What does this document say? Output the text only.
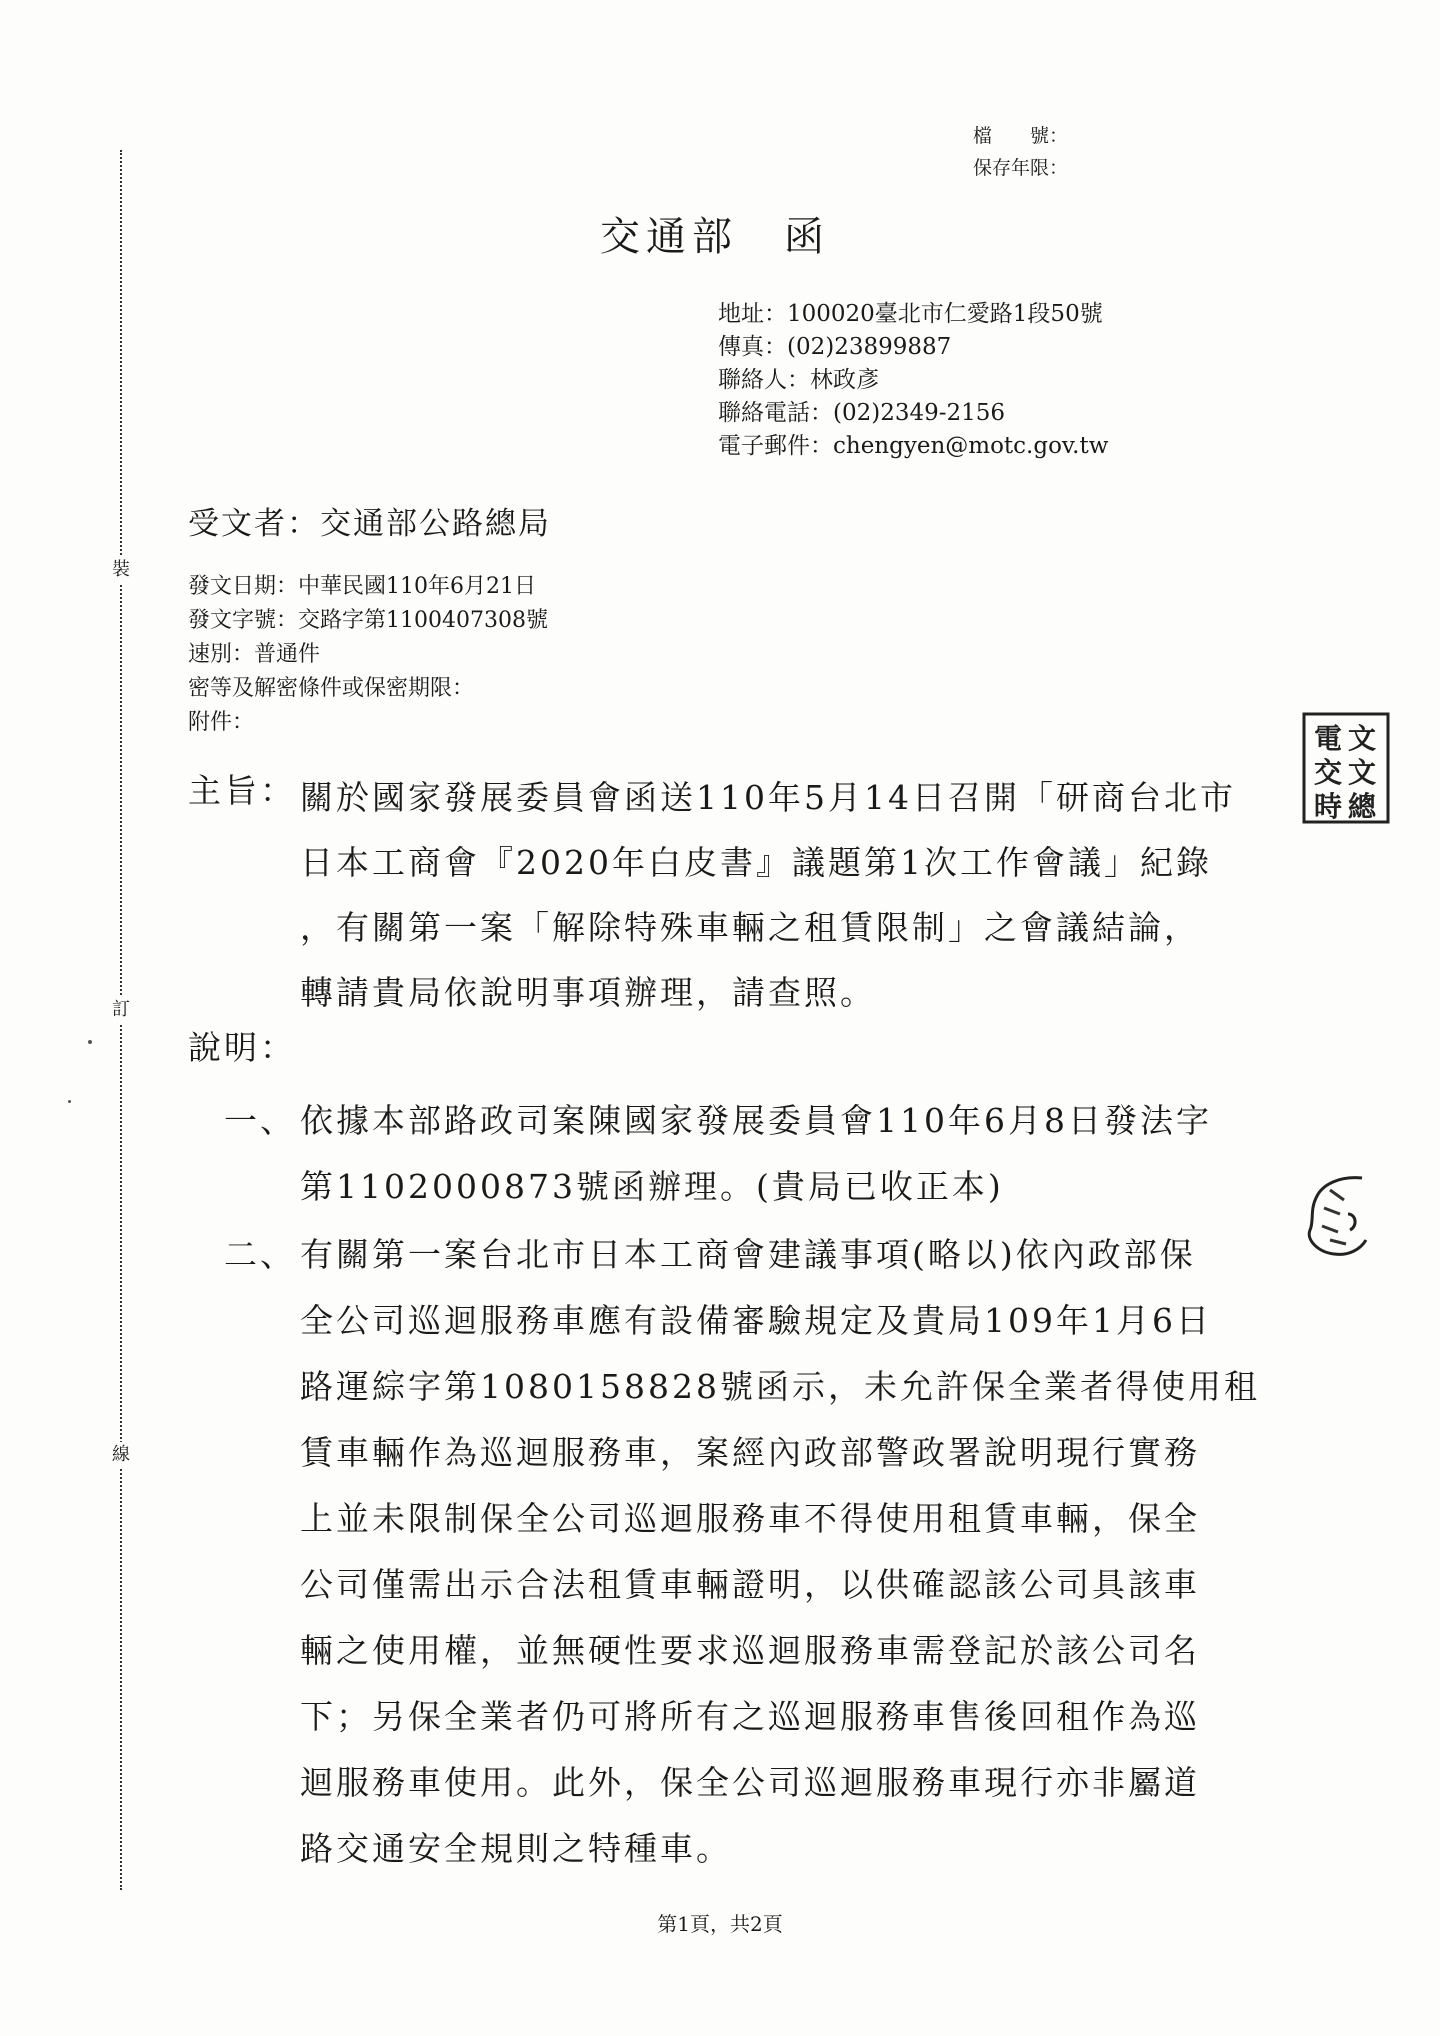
裝
訂
線
檔　　號：
保存年限：
交通部　函
地址：100020臺北市仁愛路1段50號
傳真：(02)23899887
聯絡人：林政彥
聯絡電話：(02)2349-2156
電子郵件：chengyen@motc.gov.tw
受文者：交通部公路總局
發文日期：中華民國110年6月21日
發文字號：交路字第1100407308號
速別：普通件
密等及解密條件或保密期限：
附件：
主旨： 關於國家發展委員會函送110年5月14日召開「研商台北市
日本工商會『2020年白皮書』議題第1次工作會議」紀錄
，有關第一案「解除特殊車輛之租賃限制」之會議結論，
轉請貴局依說明事項辦理，請查照。
說明：
一、 依據本部路政司案陳國家發展委員會110年6月8日發法字
第1102000873號函辦理。(貴局已收正本)
二、 有關第一案台北市日本工商會建議事項(略以)依內政部保
全公司巡迴服務車應有設備審驗規定及貴局109年1月6日
路運綜字第1080158828號函示，未允許保全業者得使用租
賃車輛作為巡迴服務車，案經內政部警政署說明現行實務
上並未限制保全公司巡迴服務車不得使用租賃車輛，保全
公司僅需出示合法租賃車輛證明，以供確認該公司具該車
輛之使用權，並無硬性要求巡迴服務車需登記於該公司名
下；另保全業者仍可將所有之巡迴服務車售後回租作為巡
迴服務車使用。此外，保全公司巡迴服務車現行亦非屬道
路交通安全規則之特種車。
電 文
交 文
時 總
第1頁，共2頁
